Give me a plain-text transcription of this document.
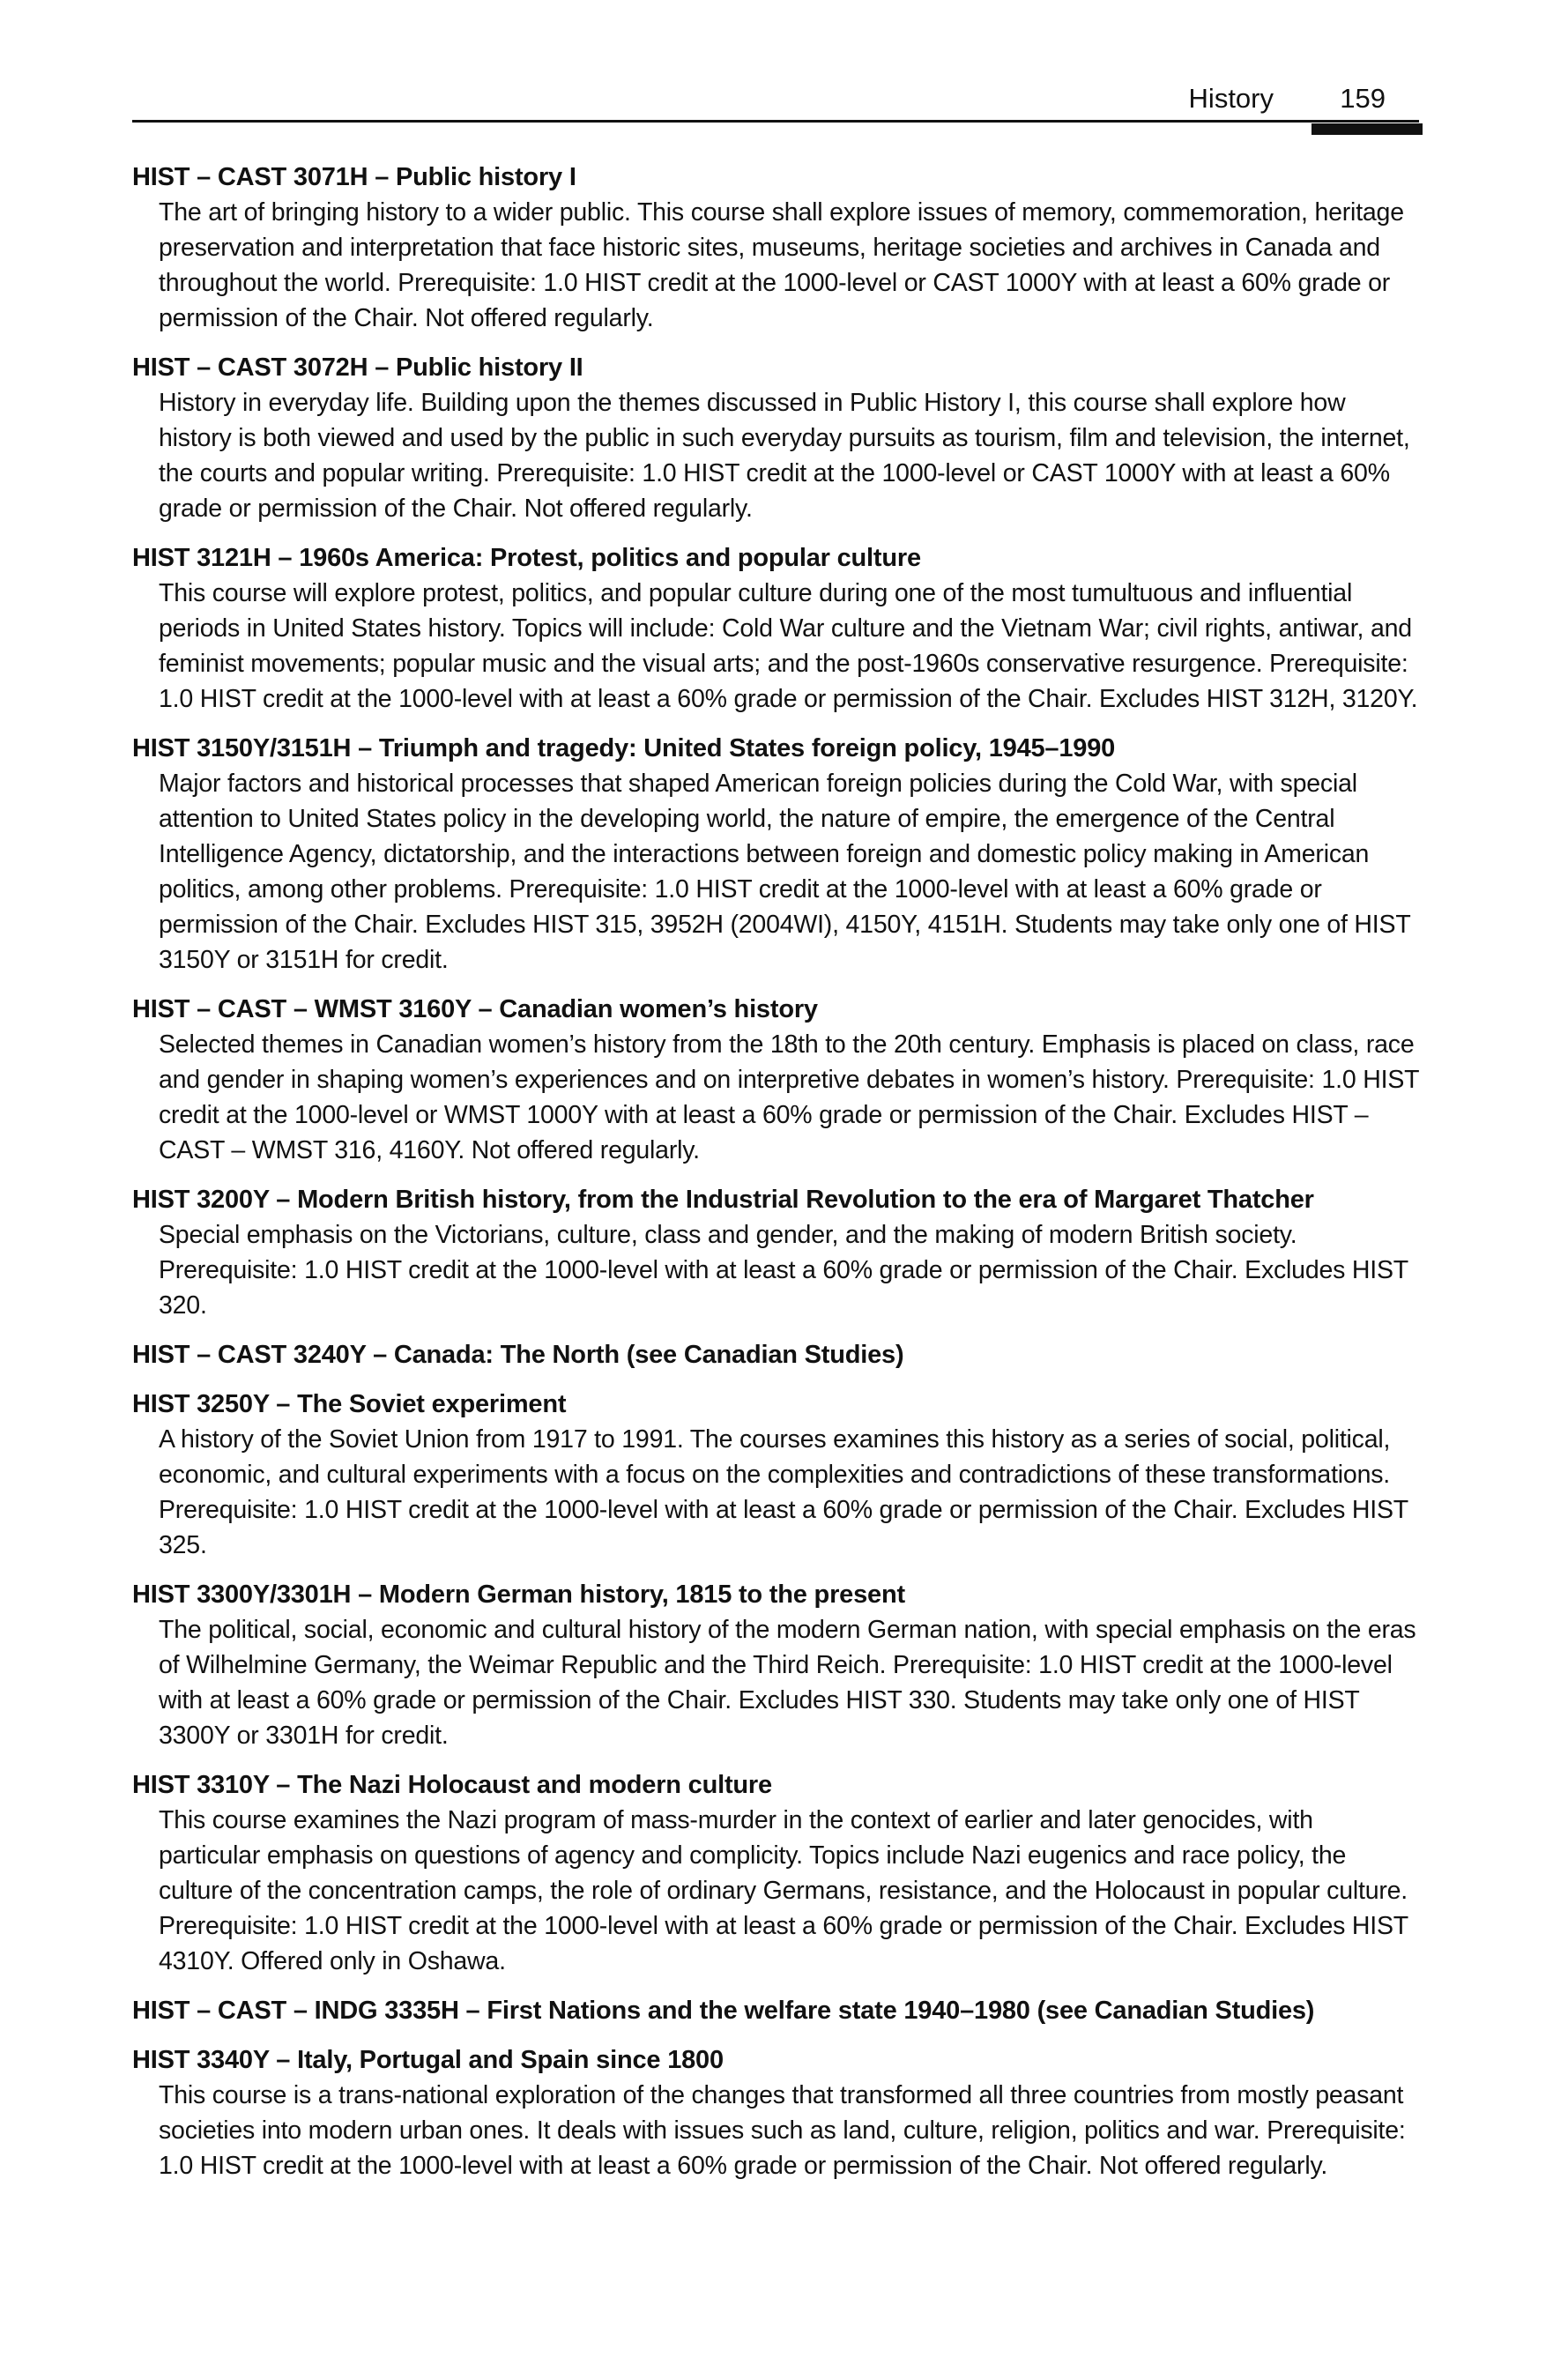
History 159
HIST – CAST 3071H – Public history I
The art of bringing history to a wider public. This course shall explore issues of memory, commemoration, heritage preservation and interpretation that face historic sites, museums, heritage societies and archives in Canada and throughout the world. Prerequisite: 1.0 HIST credit at the 1000-level or CAST 1000Y with at least a 60% grade or permission of the Chair. Not offered regularly.
HIST – CAST 3072H – Public history II
History in everyday life. Building upon the themes discussed in Public History I, this course shall explore how history is both viewed and used by the public in such everyday pursuits as tourism, film and television, the internet, the courts and popular writing. Prerequisite: 1.0 HIST credit at the 1000-level or CAST 1000Y with at least a 60% grade or permission of the Chair. Not offered regularly.
HIST 3121H – 1960s America: Protest, politics and popular culture
This course will explore protest, politics, and popular culture during one of the most tumultuous and influential periods in United States history. Topics will include: Cold War culture and the Vietnam War; civil rights, antiwar, and feminist movements; popular music and the visual arts; and the post-1960s conservative resurgence. Prerequisite: 1.0 HIST credit at the 1000-level with at least a 60% grade or permission of the Chair. Excludes HIST 312H, 3120Y.
HIST 3150Y/3151H – Triumph and tragedy: United States foreign policy, 1945–1990
Major factors and historical processes that shaped American foreign policies during the Cold War, with special attention to United States policy in the developing world, the nature of empire, the emergence of the Central Intelligence Agency, dictatorship, and the interactions between foreign and domestic policy making in American politics, among other problems. Prerequisite: 1.0 HIST credit at the 1000-level with at least a 60% grade or permission of the Chair. Excludes HIST 315, 3952H (2004WI), 4150Y, 4151H. Students may take only one of HIST 3150Y or 3151H for credit.
HIST – CAST – WMST 3160Y – Canadian women’s history
Selected themes in Canadian women’s history from the 18th to the 20th century. Emphasis is placed on class, race and gender in shaping women’s experiences and on interpretive debates in women’s history. Prerequisite: 1.0 HIST credit at the 1000-level or WMST 1000Y with at least a 60% grade or permission of the Chair. Excludes HIST – CAST – WMST 316, 4160Y. Not offered regularly.
HIST 3200Y – Modern British history, from the Industrial Revolution to the era of Margaret Thatcher
Special emphasis on the Victorians, culture, class and gender, and the making of modern British society. Prerequisite: 1.0 HIST credit at the 1000-level with at least a 60% grade or permission of the Chair. Excludes HIST 320.
HIST – CAST 3240Y – Canada: The North (see Canadian Studies)
HIST 3250Y – The Soviet experiment
A history of the Soviet Union from 1917 to 1991. The courses examines this history as a series of social, political, economic, and cultural experiments with a focus on the complexities and contradictions of these transformations. Prerequisite: 1.0 HIST credit at the 1000-level with at least a 60% grade or permission of the Chair. Excludes HIST 325.
HIST 3300Y/3301H – Modern German history, 1815 to the present
The political, social, economic and cultural history of the modern German nation, with special emphasis on the eras of Wilhelmine Germany, the Weimar Republic and the Third Reich. Prerequisite: 1.0 HIST credit at the 1000-level with at least a 60% grade or permission of the Chair. Excludes HIST 330. Students may take only one of HIST 3300Y or 3301H for credit.
HIST 3310Y – The Nazi Holocaust and modern culture
This course examines the Nazi program of mass-murder in the context of earlier and later genocides, with particular emphasis on questions of agency and complicity. Topics include Nazi eugenics and race policy, the culture of the concentration camps, the role of ordinary Germans, resistance, and the Holocaust in popular culture. Prerequisite: 1.0 HIST credit at the 1000-level with at least a 60% grade or permission of the Chair. Excludes HIST 4310Y. Offered only in Oshawa.
HIST – CAST – INDG 3335H – First Nations and the welfare state 1940–1980 (see Canadian Studies)
HIST 3340Y – Italy, Portugal and Spain since 1800
This course is a trans-national exploration of the changes that transformed all three countries from mostly peasant societies into modern urban ones. It deals with issues such as land, culture, religion, politics and war. Prerequisite: 1.0 HIST credit at the 1000-level with at least a 60% grade or permission of the Chair. Not offered regularly.
